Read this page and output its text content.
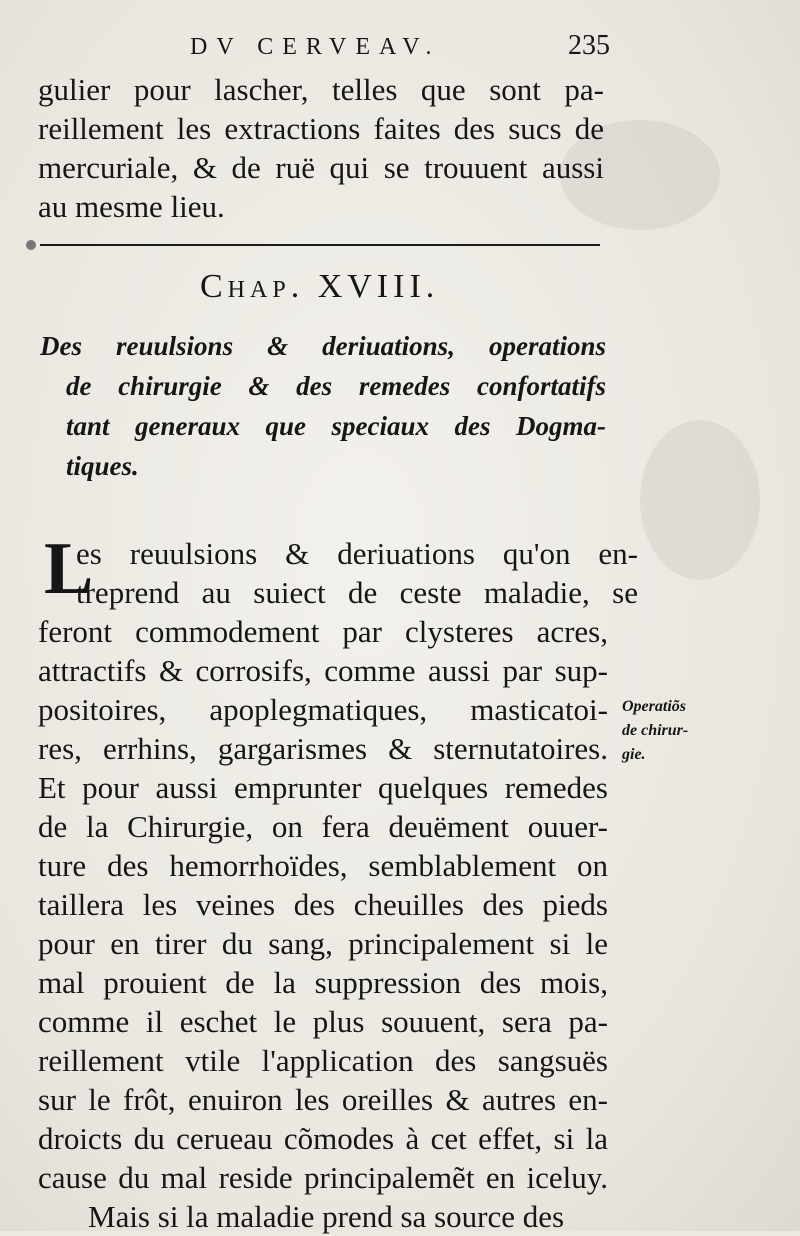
DV CERVEAV.	235
gulier pour lascher, telles que sont pa-
reillement les extractions faites des sucs de
mercuriale, & de ruë qui se trouuent aussi
au mesme lieu.
Chap. XVIII.
Des reuulsions & deriuations, operations
de chirurgie & des remedes confortatifs
tant generaux que speciaux des Dogma-
tiques.
L
es reuulsions & deriuations qu'on en-
treprend au suiect de ceste maladie, se
feront commodement par clysteres acres,
attractifs & corrosifs, comme aussi par sup-
positoires, apoplegmatiques, masticatoi-
res, errhins, gargarismes & sternutatoires.
Et pour aussi emprunter quelques remedes
de la Chirurgie, on fera deuëment ouuer-
ture des hemorrhoïdes, semblablement on
taillera les veines des cheuilles des pieds
pour en tirer du sang, principalement si le
mal prouient de la suppression des mois,
comme il eschet le plus souuent, sera pa-
reillement vtile l'application des sangsuës
sur le frôt, enuiron les oreilles & autres en-
droicts du cerueau cõmodes à cet effet, si la
cause du mal reside principalemẽt en iceluy.
Mais si la maladie prend sa source des
Operatiõs
de chirur-
gie.
